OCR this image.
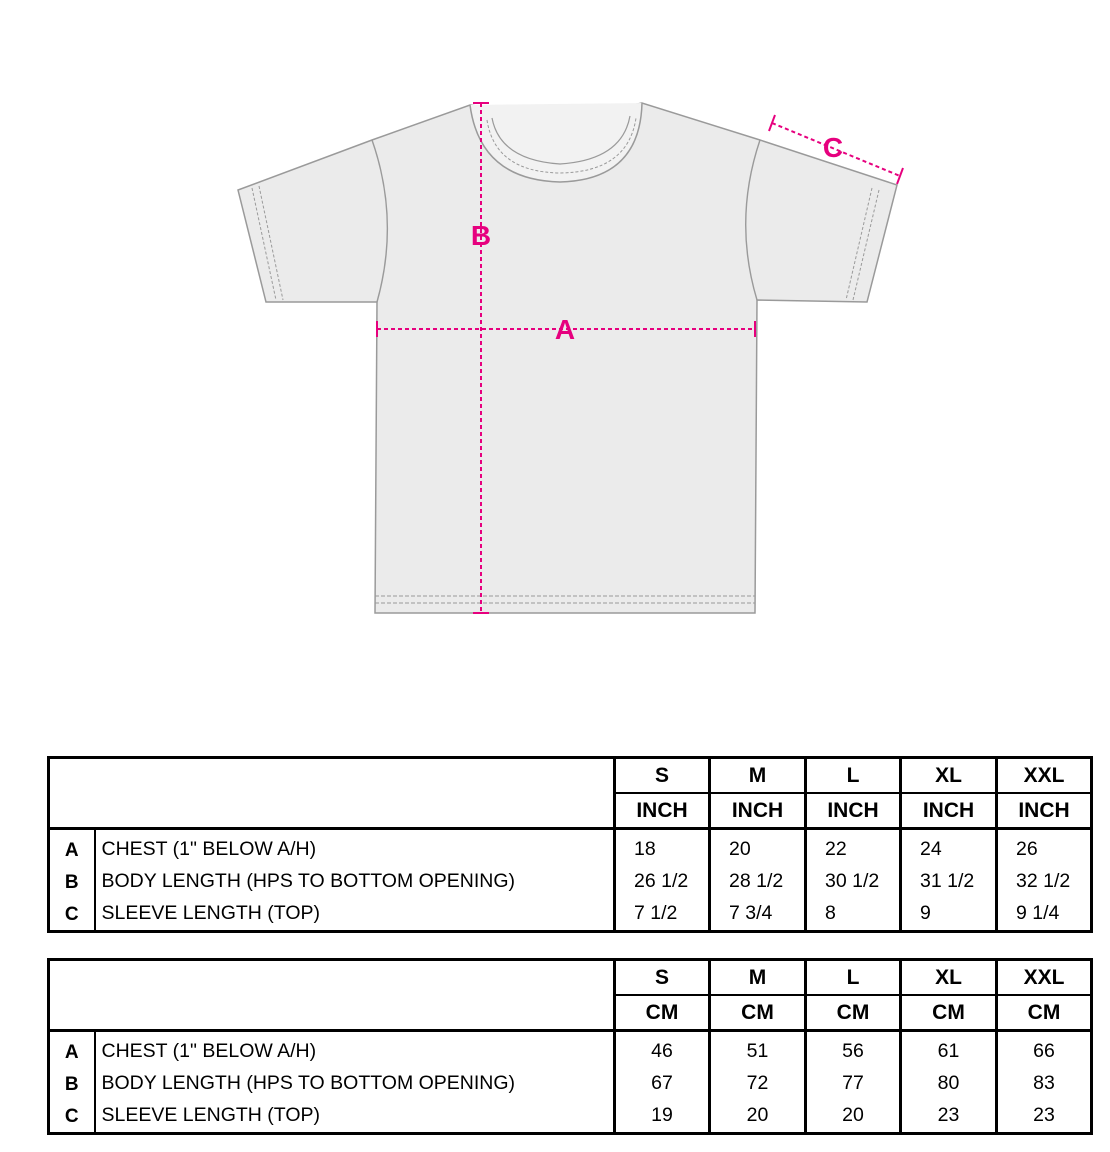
A
B
C
		S	M	L	XL	XXL
		INCH	INCH	INCH	INCH	INCH
A	CHEST (1" BELOW A/H)	18	20	22	24	26
B	BODY LENGTH (HPS TO BOTTOM OPENING)	26 1/2	28 1/2	30 1/2	31 1/2	32 1/2
C	SLEEVE LENGTH (TOP)	7 1/2	7 3/4	8	9	9 1/4
		S	M	L	XL	XXL
		CM	CM	CM	CM	CM
A	CHEST (1" BELOW A/H)	46	51	56	61	66
B	BODY LENGTH (HPS TO BOTTOM OPENING)	67	72	77	80	83
C	SLEEVE LENGTH (TOP)	19	20	20	23	23
